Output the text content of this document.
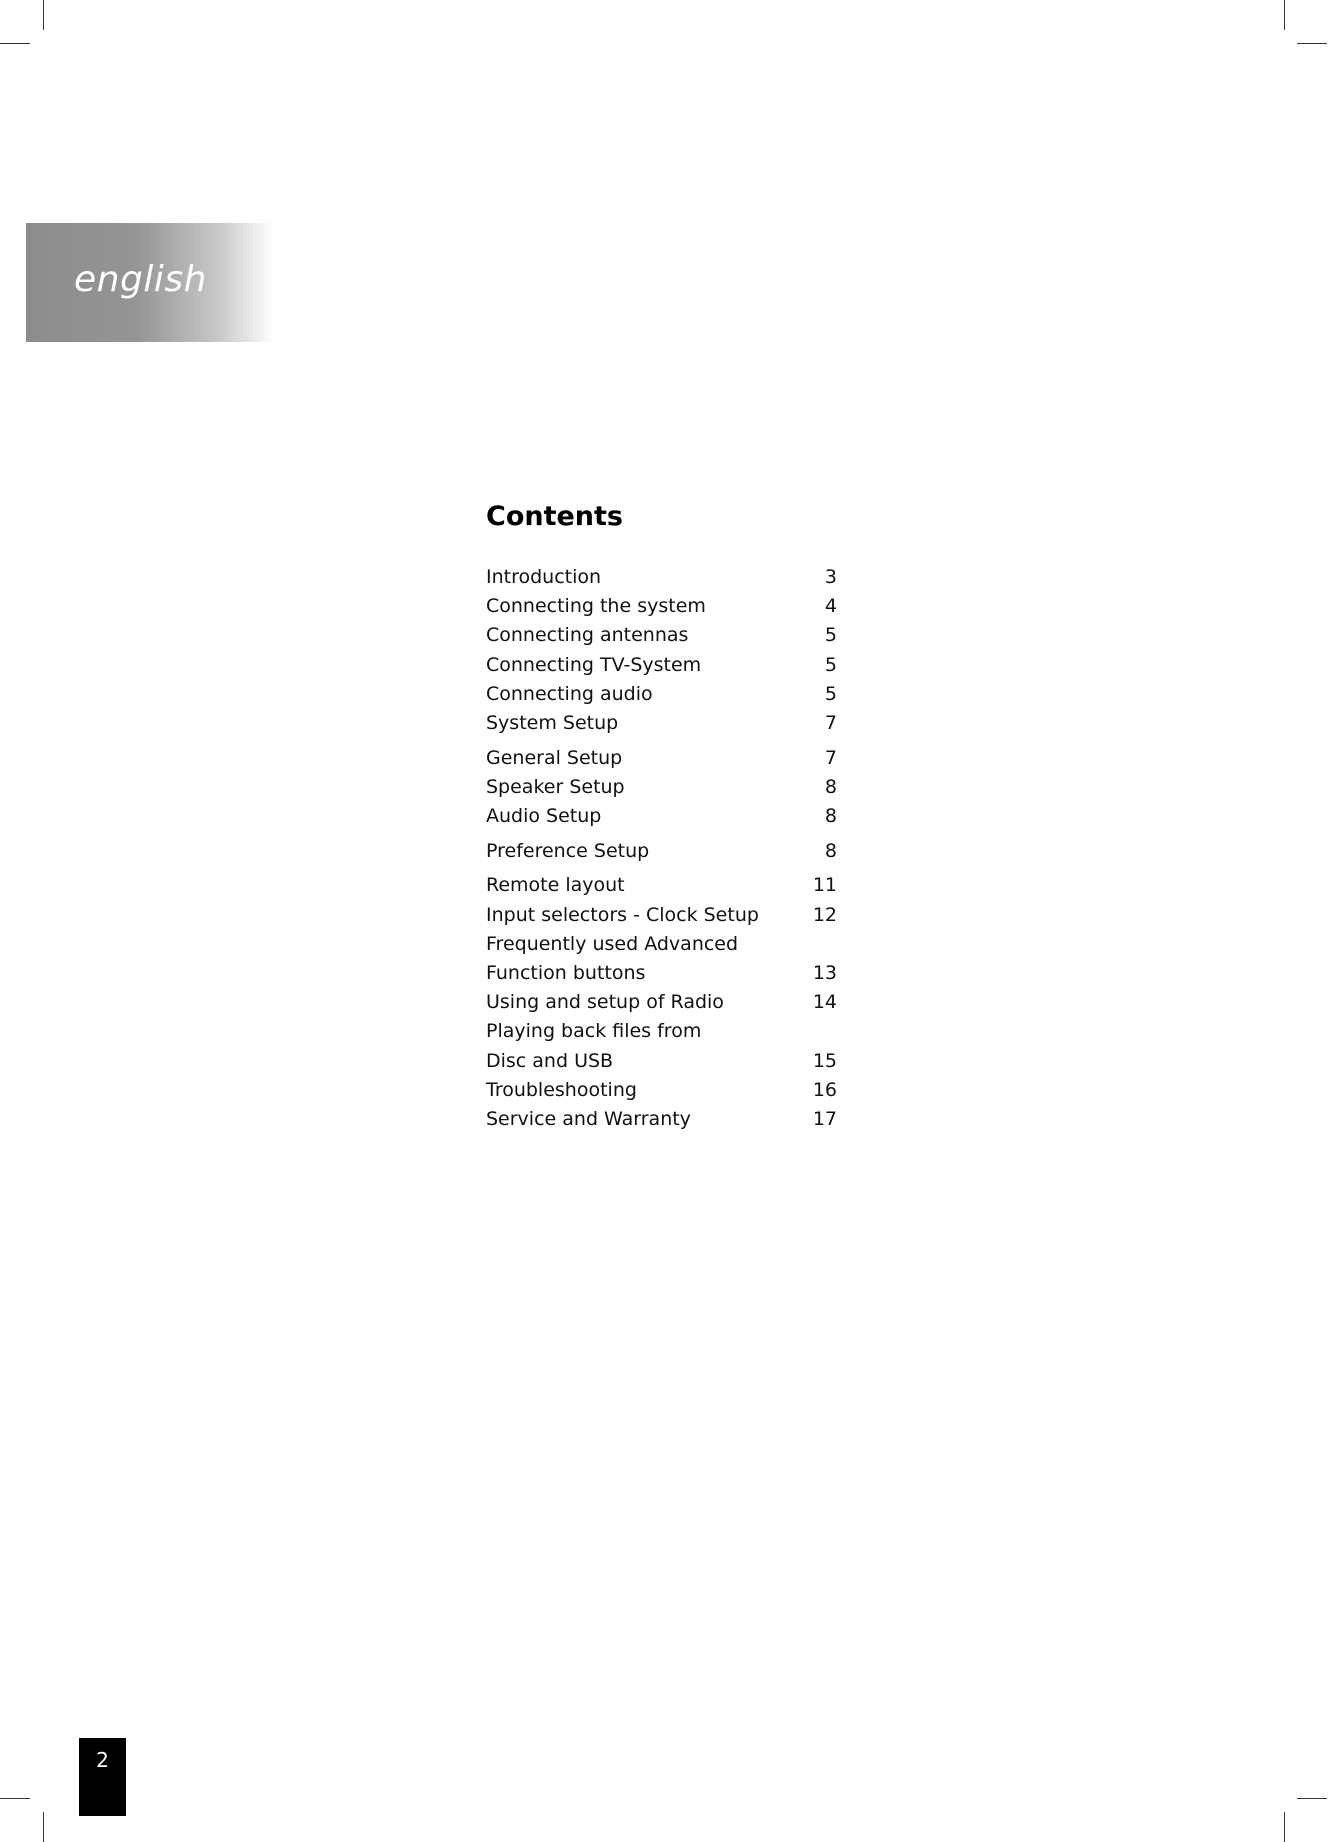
english
Contents
Introduction	3
Connecting the system	4
Connecting antennas	5
Connecting TV-System	5
Connecting audio	5
System Setup	7
General Setup	7
Speaker Setup	8
Audio Setup	8
Preference Setup	8
Remote layout	11
Input selectors - Clock Setup	12
Frequently used Advanced
Function buttons	13
Using and setup of Radio	14
Playing back files from
Disc and USB	15
Troubleshooting	16
Service and Warranty	17
2
